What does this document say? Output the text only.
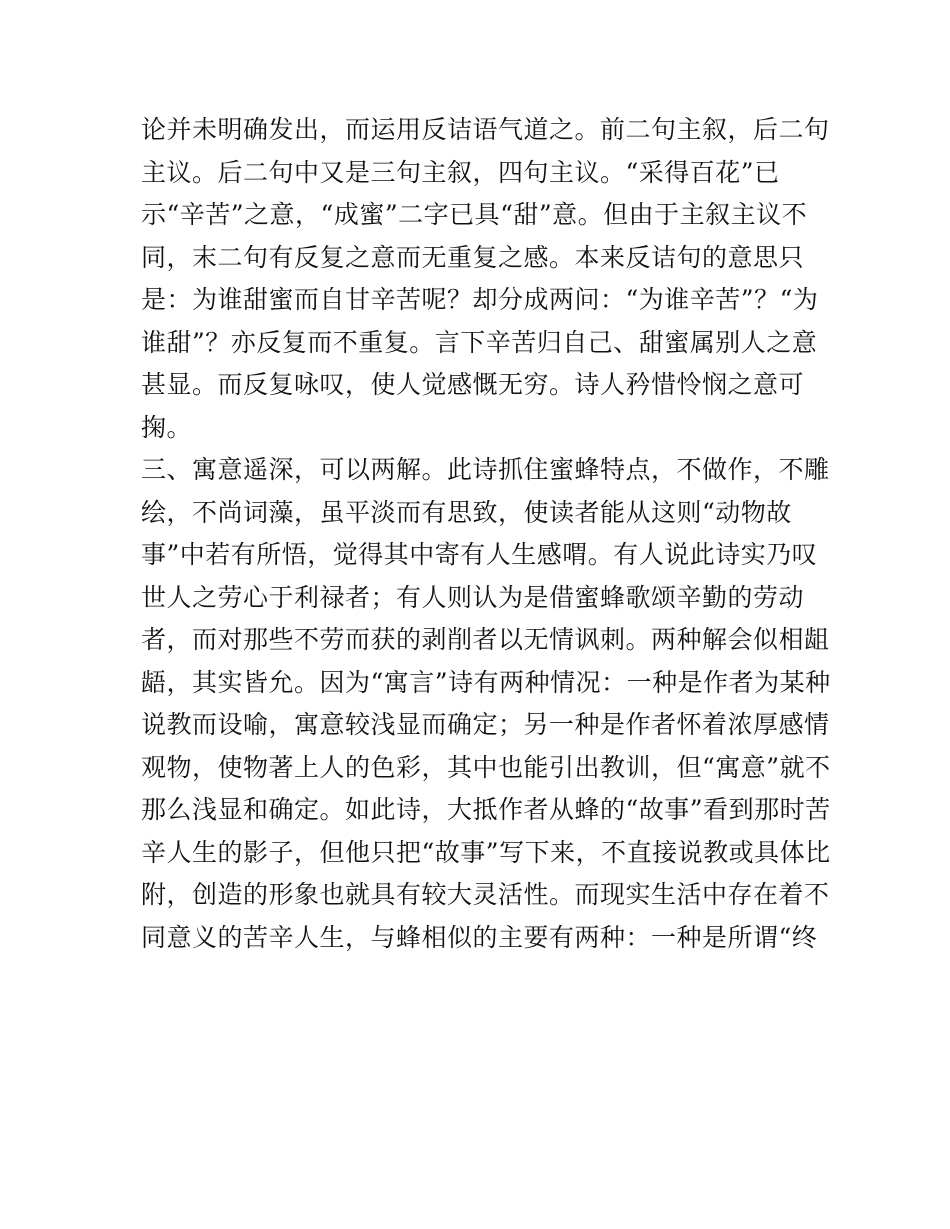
论并未明确发出，而运用反诘语气道之。前二句主叙，后二句
主议。后二句中又是三句主叙，四句主议。“采得百花”已
示“辛苦”之意，“成蜜”二字已具“甜”意。但由于主叙主议不
同，末二句有反复之意而无重复之感。本来反诘句的意思只
是：为谁甜蜜而自甘辛苦呢？却分成两问：“为谁辛苦”？“为
谁甜”？亦反复而不重复。言下辛苦归自己、甜蜜属别人之意
甚显。而反复咏叹，使人觉感慨无穷。诗人矜惜怜悯之意可
掬。
三、寓意遥深，可以两解。此诗抓住蜜蜂特点，不做作，不雕
绘，不尚词藻，虽平淡而有思致，使读者能从这则“动物故
事”中若有所悟，觉得其中寄有人生感喟。有人说此诗实乃叹
世人之劳心于利禄者；有人则认为是借蜜蜂歌颂辛勤的劳动
者，而对那些不劳而获的剥削者以无情讽刺。两种解会似相龃
龉，其实皆允。因为“寓言”诗有两种情况：一种是作者为某种
说教而设喻，寓意较浅显而确定；另一种是作者怀着浓厚感情
观物，使物著上人的色彩，其中也能引出教训，但“寓意”就不
那么浅显和确定。如此诗，大抵作者从蜂的“故事”看到那时苦
辛人生的影子，但他只把“故事”写下来，不直接说教或具体比
附，创造的形象也就具有较大灵活性。而现实生活中存在着不
同意义的苦辛人生，与蜂相似的主要有两种：一种是所谓“终
